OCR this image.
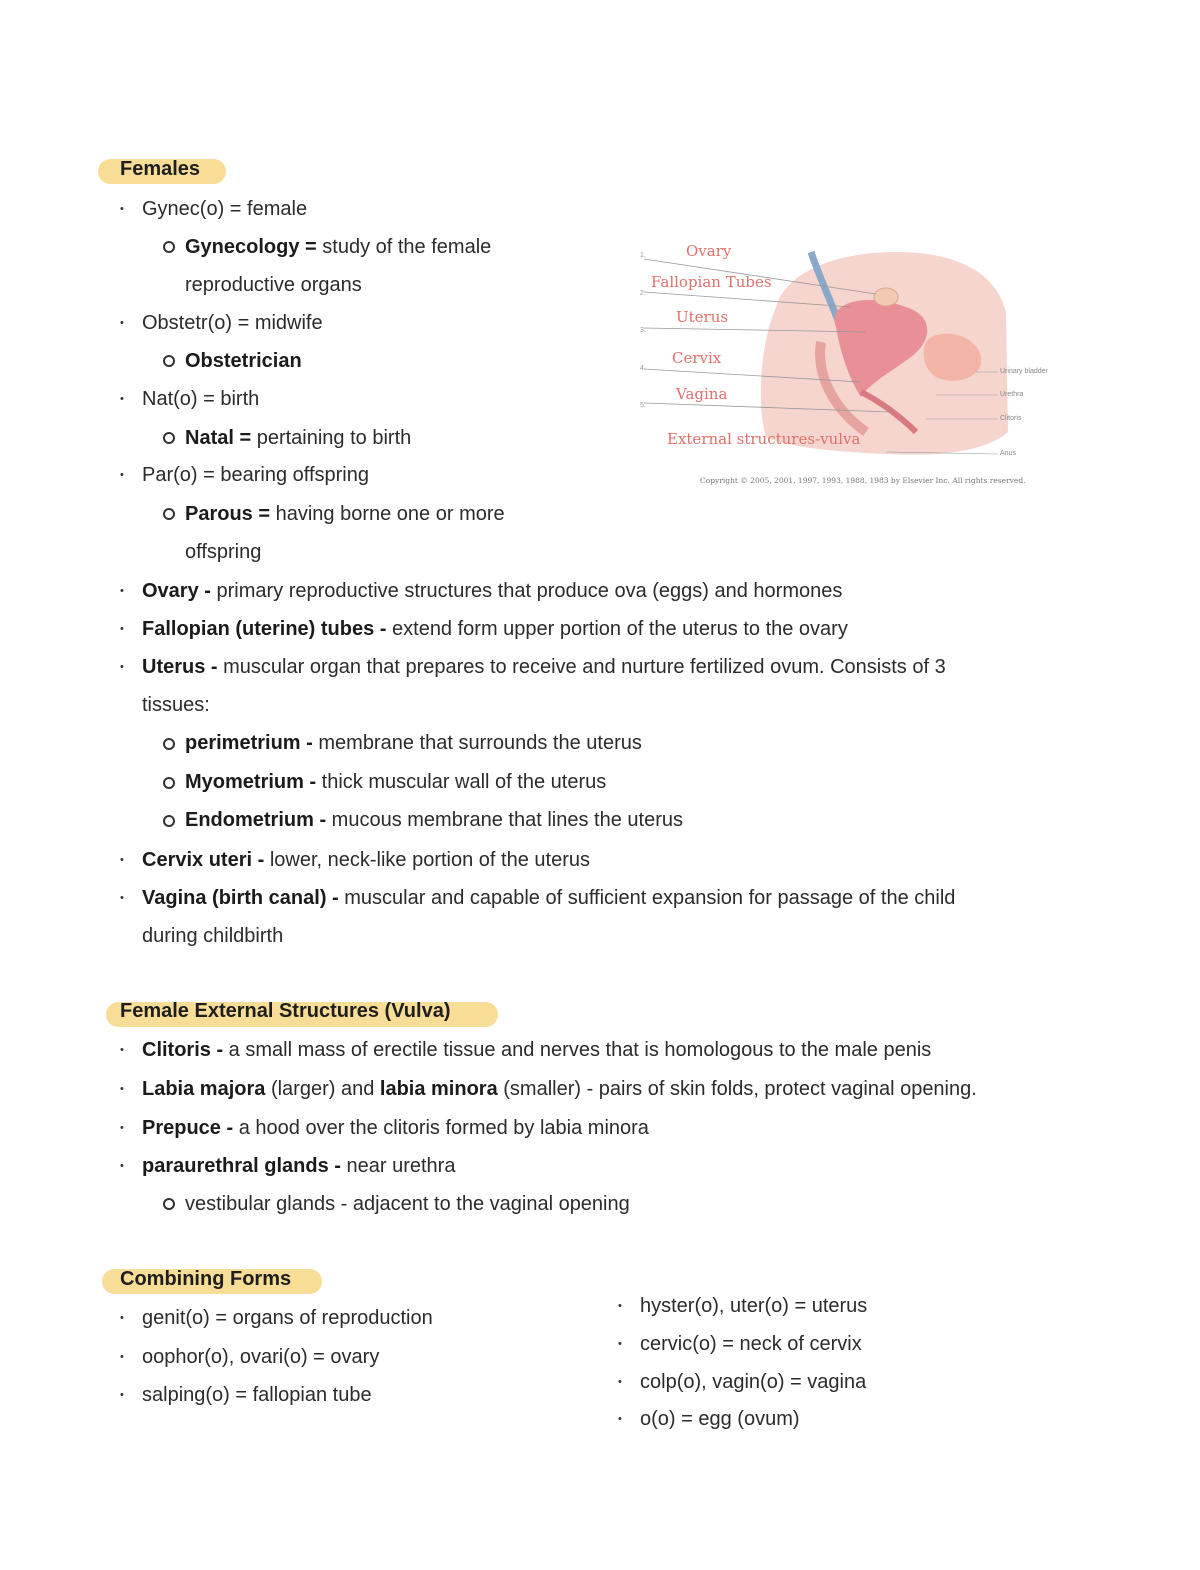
Females
• Gynec(o) = female
Gynecology = study of the female
reproductive organs
• Obstetr(o) = midwife
Obstetrician
• Nat(o) = birth
Natal = pertaining to birth
• Par(o) = bearing offspring
Parous = having borne one or more
offspring
• Ovary - primary reproductive structures that produce ova (eggs) and hormones
• Fallopian (uterine) tubes - extend form upper portion of the uterus to the ovary
• Uterus - muscular organ that prepares to receive and nurture fertilized ovum. Consists of 3
tissues:
perimetrium - membrane that surrounds the uterus
Myometrium - thick muscular wall of the uterus
Endometrium - mucous membrane that lines the uterus
• Cervix uteri - lower, neck-like portion of the uterus
• Vagina (birth canal) - muscular and capable of sufficient expansion for passage of the child
during childbirth
1.
2.
3.
4.
5.
Ovary
Fallopian Tubes
Uterus
Cervix
Vagina
External structures-vulva
Urinary bladder
Urethra
Clitoris
Anus
Copyright © 2005, 2001, 1997, 1993, 1988, 1983 by Elsevier Inc. All rights reserved.
Female External Structures (Vulva)
• Clitoris - a small mass of erectile tissue and nerves that is homologous to the male penis
• Labia majora (larger) and labia minora (smaller) - pairs of skin folds, protect vaginal opening.
• Prepuce - a hood over the clitoris formed by labia minora
• paraurethral glands - near urethra
vestibular glands - adjacent to the vaginal opening
Combining Forms
• genit(o) = organs of reproduction
• oophor(o), ovari(o) = ovary
• salping(o) = fallopian tube
• hyster(o), uter(o) = uterus
• cervic(o) = neck of cervix
• colp(o), vagin(o) = vagina
• o(o) = egg (ovum)
